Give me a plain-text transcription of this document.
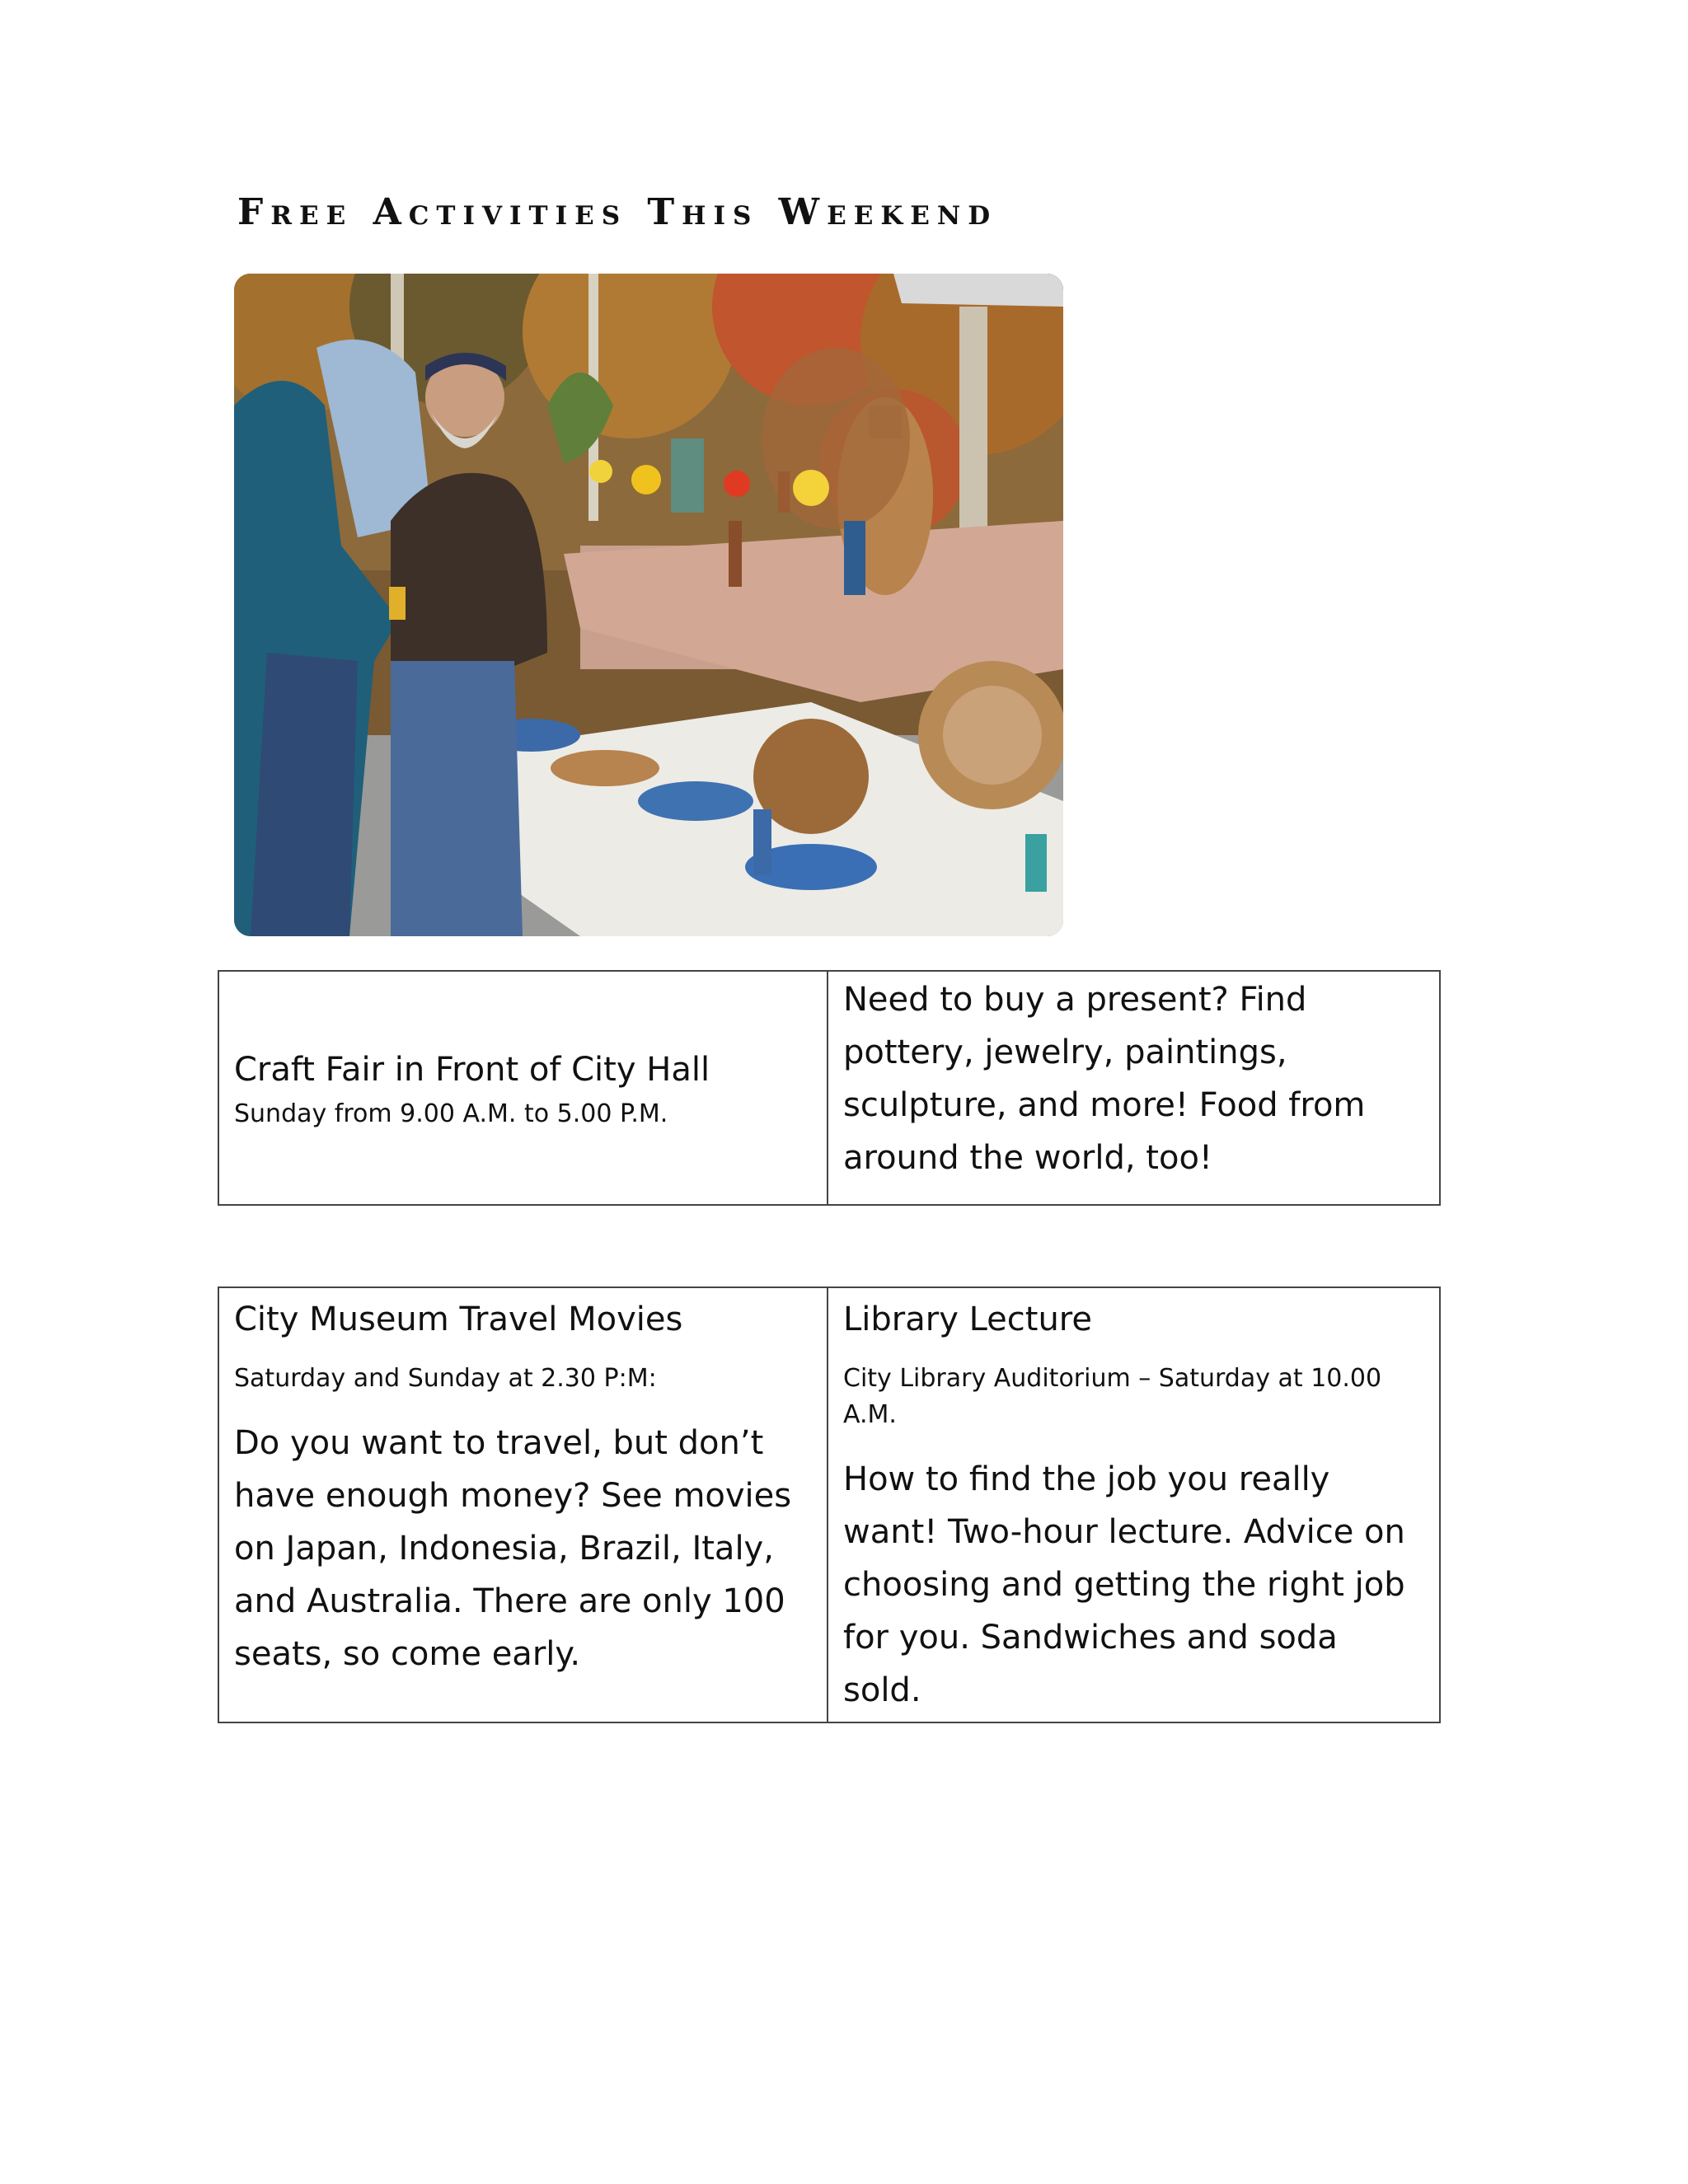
Free Activities This Weekend
Craft Fair in Front of City Hall
Sunday from 9.00 A.M. to 5.00 P.M.

Need to buy a present? Find pottery, jewelry, paintings, sculpture, and more! Food from around the world, too!
City Museum Travel Movies
Saturday and Sunday at 2.30 P:M:
Do you want to travel, but don’t have enough money? See movies on Japan, Indonesia, Brazil, Italy, and Australia. There are only 100 seats, so come early.

Library Lecture
City Library Auditorium – Saturday at 10.00 A.M.
How to find the job you really want! Two-hour lecture. Advice on choosing and getting the right job for you. Sandwiches and soda sold.
